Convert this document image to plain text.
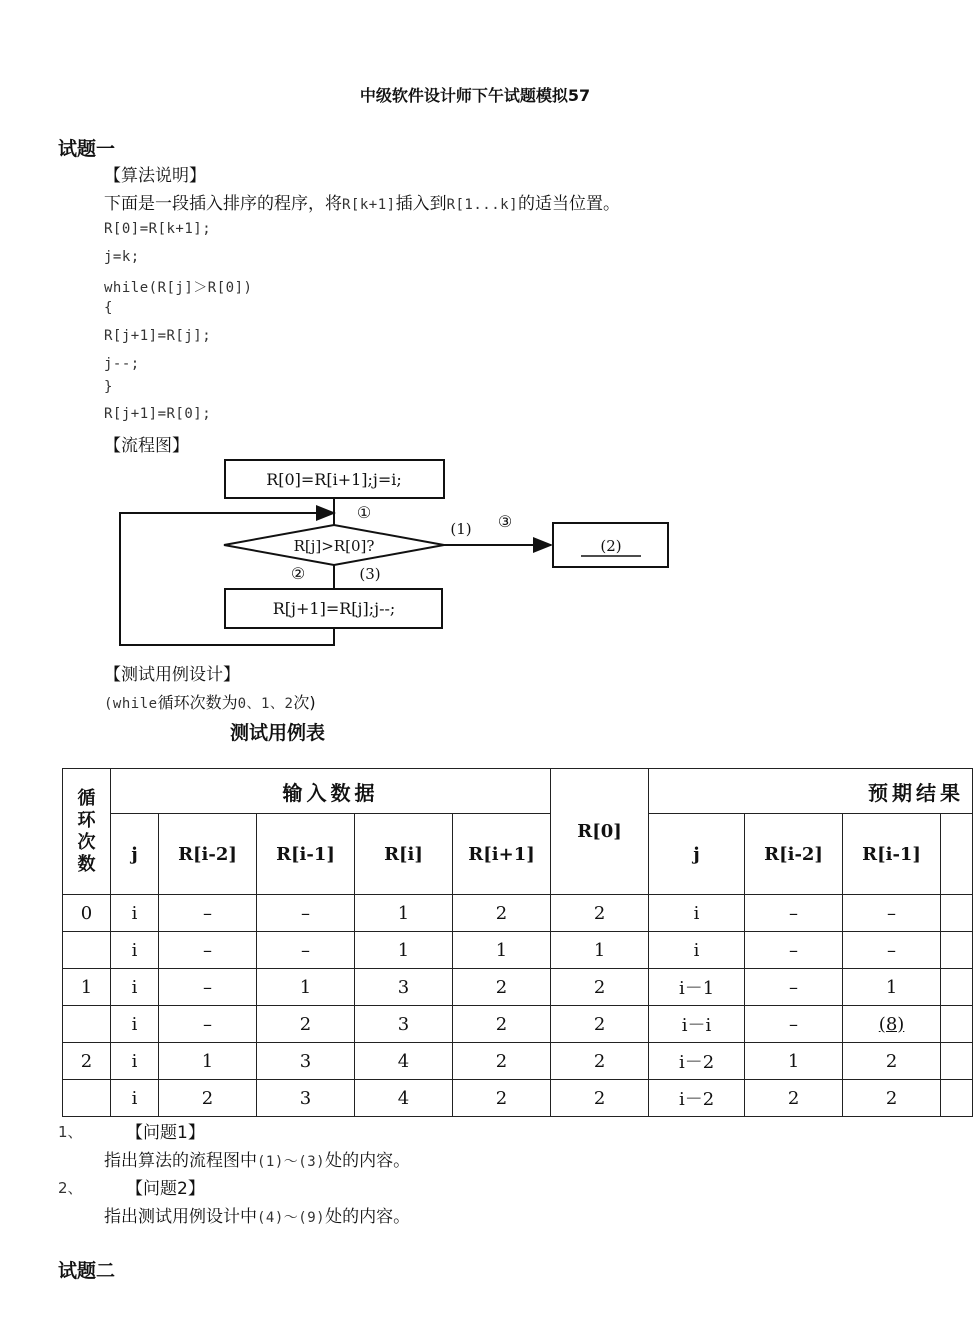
中级软件设计师下午试题模拟57
试题一
【算法说明】
下面是一段插入排序的程序，将R[k+1]插入到R[1...k]的适当位置。
R[0]=R[k+1];
j=k;
while(R[j]＞R[0])
{
R[j+1]=R[j];
j--;
}
R[j+1]=R[0];
【流程图】
R[0]=R[i+1];j=i;
①
R[j]>R[0]?
(1) ③
(2)
②	(3)
R[j+1]=R[j];j--;
【测试用例设计】
(while循环次数为0、1、2次)
测试用例表
循环次数	输入数据					R[0]	预期结果			
	j	R[i-2]	R[i-1]	R[i]	R[i+1]		j	R[i-2]	R[i-1]	
0	i	–	–	1	2	2	i	–	–	
	i	–	–	1	1	1	i	–	–	
1	i	–	1	3	2	2	i－1	–	1	
	i	–	2	3	2	2	i－i	–	(8)	
2	i	1	3	4	2	2	i－2	1	2	
	i	2	3	4	2	2	i－2	2	2	
1、	【问题1】
指出算法的流程图中(1)～(3)处的内容。
2、	【问题2】
指出测试用例设计中(4)～(9)处的内容。
试题二
